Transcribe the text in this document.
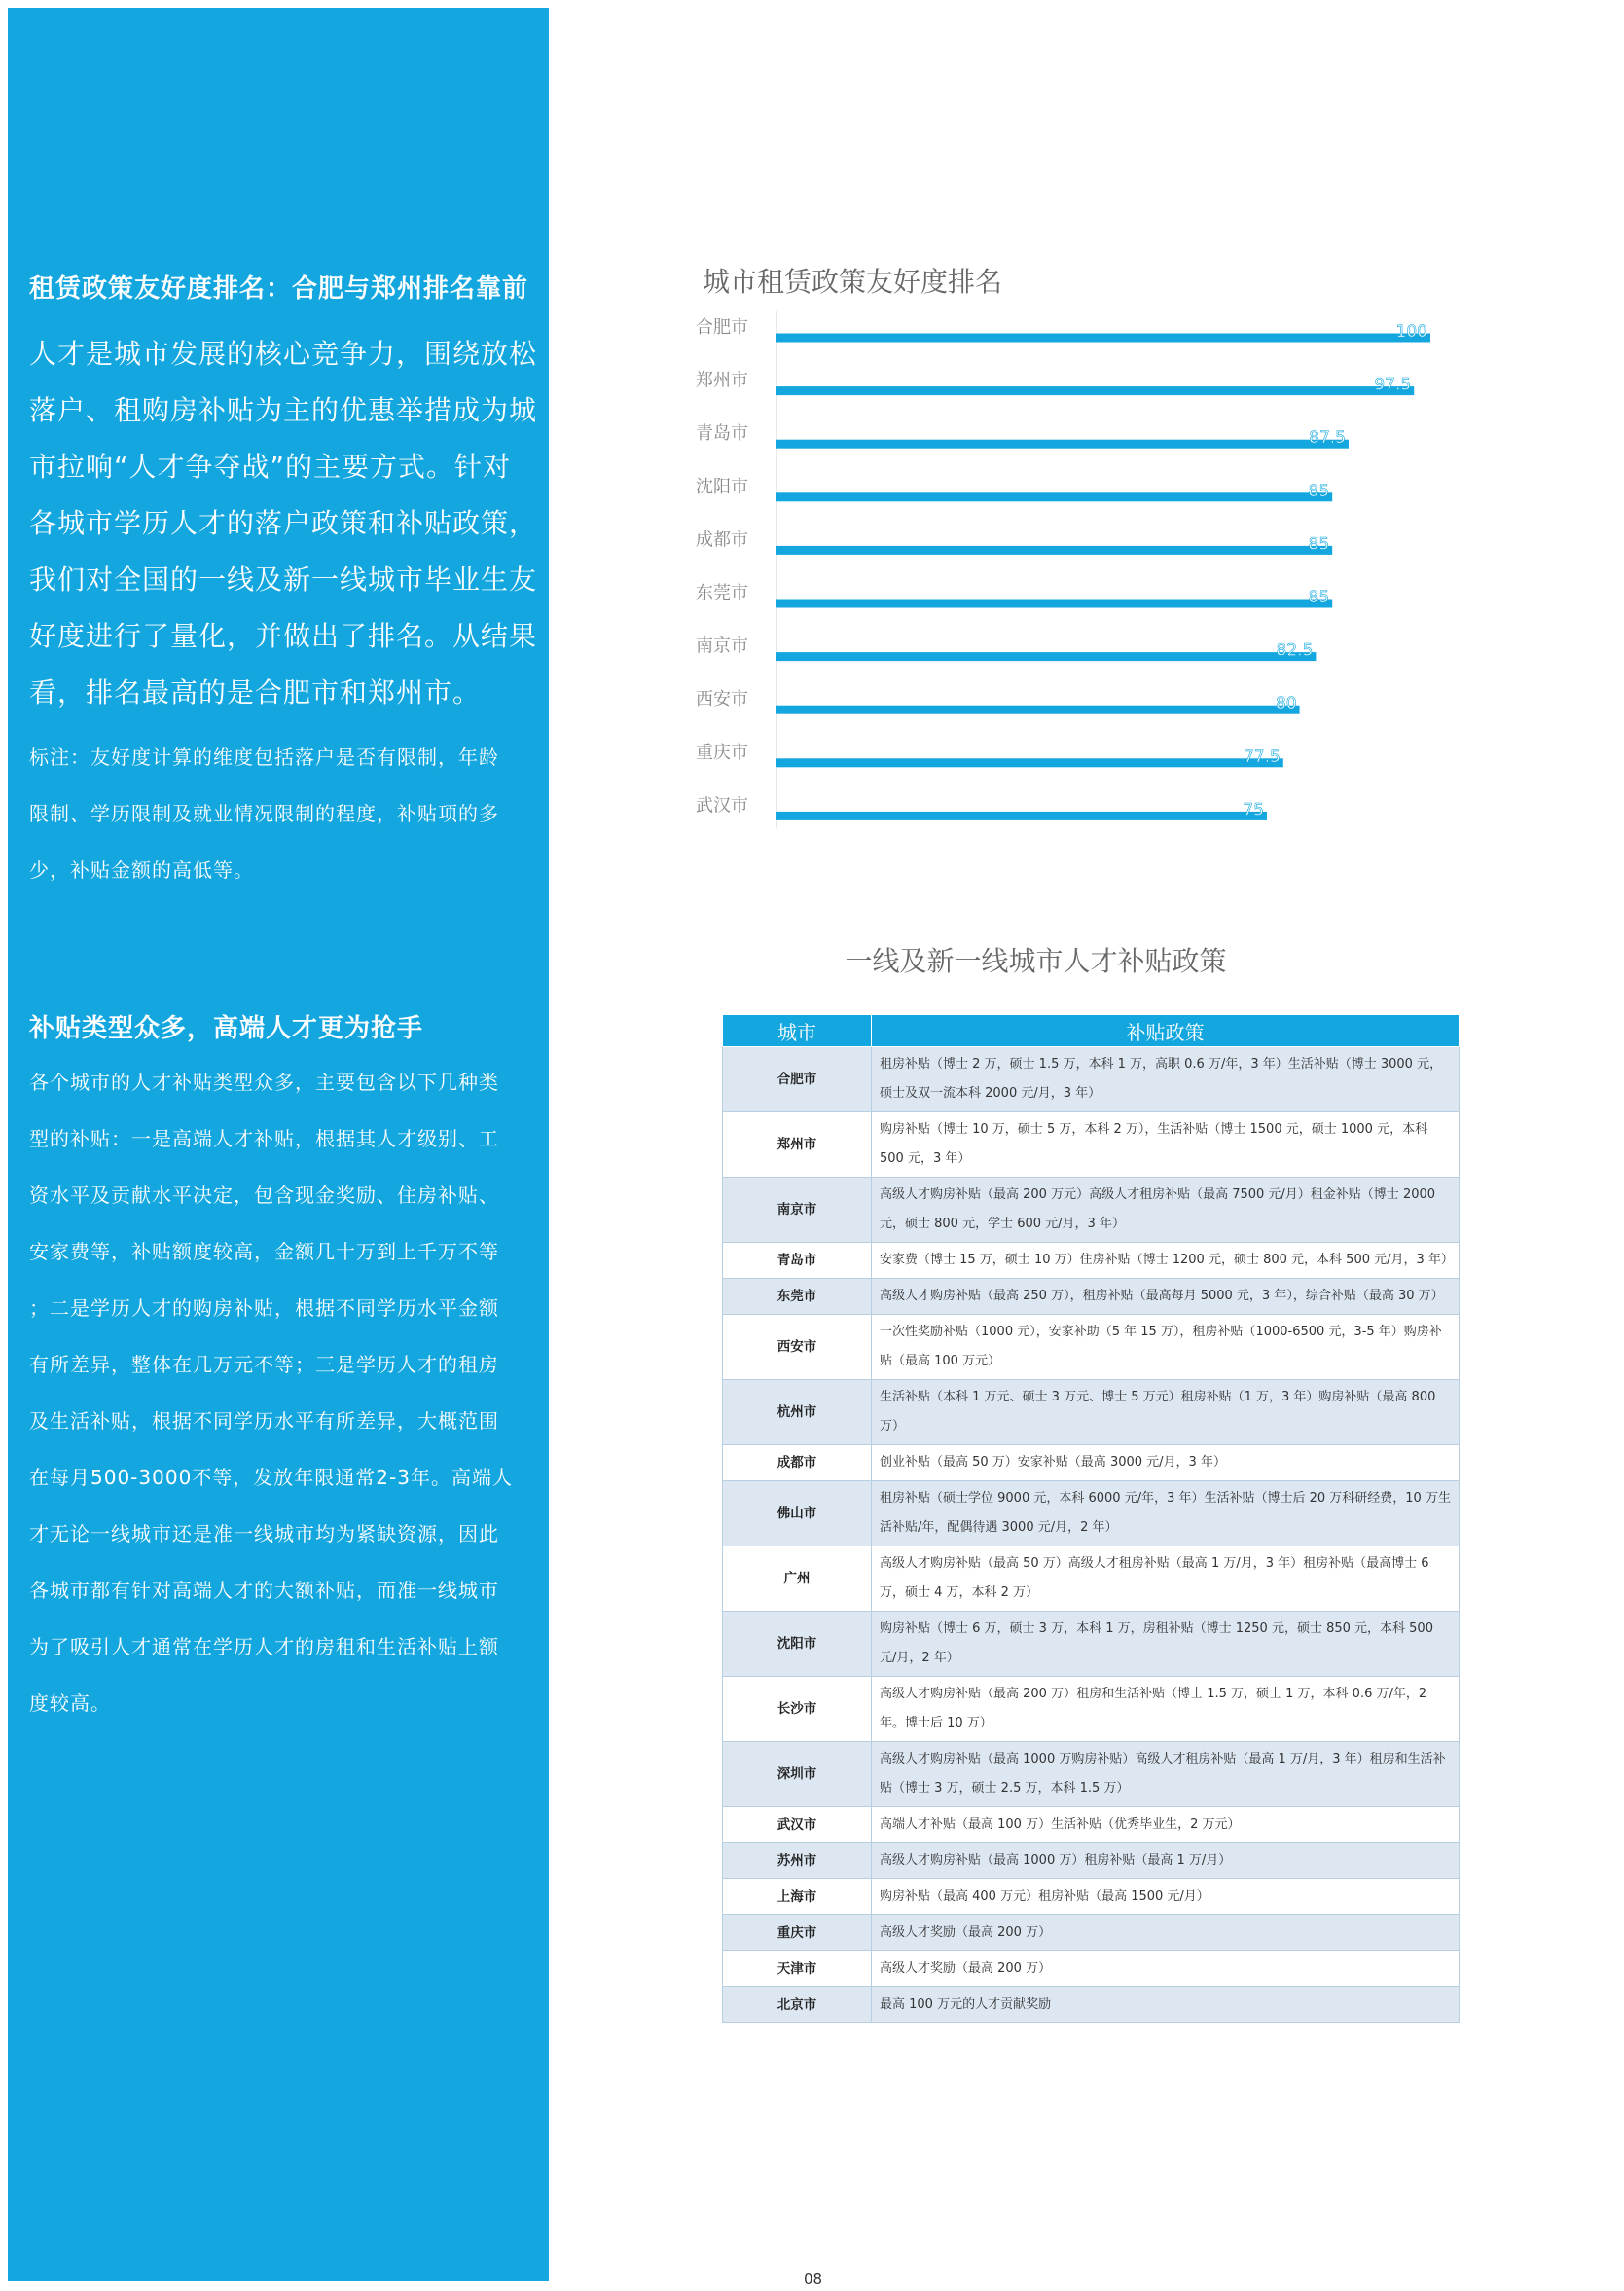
租赁政策友好度排名：合肥与郑州排名靠前

人才是城市发展的核心竞争力，围绕放松

落户、租购房补贴为主的优惠举措成为城

市拉响“人才争夺战”的主要方式。针对

各城市学历人才的落户政策和补贴政策，

我们对全国的一线及新一线城市毕业生友

好度进行了量化，并做出了排名。从结果

看，排名最高的是合肥市和郑州市。

标注：友好度计算的维度包括落户是否有限制，年龄

限制、学历限制及就业情况限制的程度，补贴项的多

少，补贴金额的高低等。

补贴类型众多，高端人才更为抢手

各个城市的人才补贴类型众多，主要包含以下几种类

型的补贴：一是高端人才补贴，根据其人才级别、工

资水平及贡献水平决定，包含现金奖励、住房补贴、

安家费等，补贴额度较高，金额几十万到上千万不等

；二是学历人才的购房补贴，根据不同学历水平金额

有所差异，整体在几万元不等；三是学历人才的租房

及生活补贴，根据不同学历水平有所差异，大概范围

在每月500-3000不等，发放年限通常2-3年。高端人

才无论一线城市还是准一线城市均为紧缺资源，因此

各城市都有针对高端人才的大额补贴，而准一线城市

为了吸引人才通常在学历人才的房租和生活补贴上额

度较高。

城市租赁政策友好度排名
合肥市	100
郑州市	97.5
青岛市	87.5
沈阳市	85
成都市	85
东莞市	85
南京市	82.5
西安市	80
重庆市	77.5
武汉市	75
一线及新一线城市人才补贴政策
城市	补贴政策
合肥市	租房补贴（博士 2 万，硕士 1.5 万，本科 1 万，高职 0.6 万/年，3 年）生活补贴（博士 3000 元，硕士及双一流本科 2000 元/月，3 年）
郑州市	购房补贴（博士 10 万，硕士 5 万，本科 2 万），生活补贴（博士 1500 元，硕士 1000 元，本科 500 元，3 年）
南京市	高级人才购房补贴（最高 200 万元）高级人才租房补贴（最高 7500 元/月）租金补贴（博士 2000 元，硕士 800 元，学士 600 元/月，3 年）
青岛市	安家费（博士 15 万，硕士 10 万）住房补贴（博士 1200 元，硕士 800 元，本科 500 元/月，3 年）
东莞市	高级人才购房补贴（最高 250 万），租房补贴（最高每月 5000 元，3 年），综合补贴（最高 30 万）
西安市	一次性奖励补贴（1000 元），安家补助（5 年 15 万），租房补贴（1000-6500 元，3-5 年）购房补贴（最高 100 万元）
杭州市	生活补贴（本科 1 万元、硕士 3 万元、博士 5 万元）租房补贴（1 万，3 年）购房补贴（最高 800 万）
成都市	创业补贴（最高 50 万）安家补贴（最高 3000 元/月，3 年）
佛山市	租房补贴（硕士学位 9000 元，本科 6000 元/年，3 年）生活补贴（博士后 20 万科研经费，10 万生活补贴/年，配偶待遇 3000 元/月，2 年）
广州	高级人才购房补贴（最高 50 万）高级人才租房补贴（最高 1 万/月，3 年）租房补贴（最高博士 6 万，硕士 4 万，本科 2 万）
沈阳市	购房补贴（博士 6 万，硕士 3 万，本科 1 万，房租补贴（博士 1250 元，硕士 850 元，本科 500 元/月，2 年）
长沙市	高级人才购房补贴（最高 200 万）租房和生活补贴（博士 1.5 万，硕士 1 万，本科 0.6 万/年，2 年。博士后 10 万）
深圳市	高级人才购房补贴（最高 1000 万购房补贴）高级人才租房补贴（最高 1 万/月，3 年）租房和生活补贴（博士 3 万，硕士 2.5 万，本科 1.5 万）
武汉市	高端人才补贴（最高 100 万）生活补贴（优秀毕业生，2 万元）
苏州市	高级人才购房补贴（最高 1000 万）租房补贴（最高 1 万/月）
上海市	购房补贴（最高 400 万元）租房补贴（最高 1500 元/月）
重庆市	高级人才奖励（最高 200 万）
天津市	高级人才奖励（最高 200 万）
北京市	最高 100 万元的人才贡献奖励
08
